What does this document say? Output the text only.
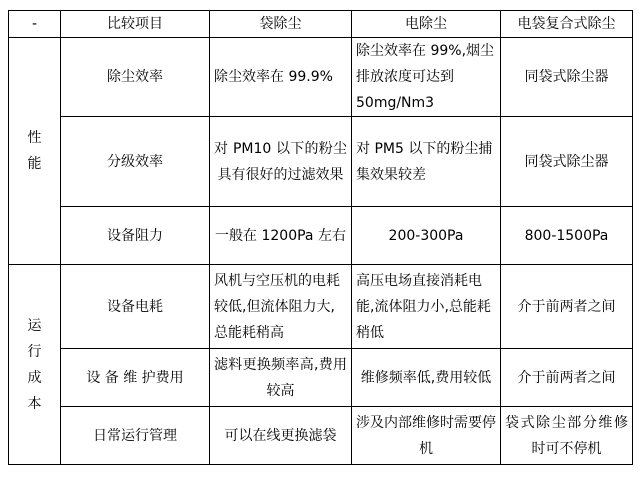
-	比较项目	袋除尘	电除尘	电袋复合式除尘
性能	除尘效率	除尘效率在 99.9%	除尘效率在 99%,烟尘排放浓度可达到 50mg/Nm3	同袋式除尘器
	分级效率	对 PM10 以下的粉尘具有很好的过滤效果	对 PM5 以下的粉尘捕集效果较差	同袋式除尘器
	设备阻力	一般在 1200Pa 左右	200-300Pa	800-1500Pa
运行成本	设备电耗	风机与空压机的电耗较低,但流体阻力大,总能耗稍高	高压电场直接消耗电能,流体阻力小,总能耗稍低	介于前两者之间
	设 备 维 护费用	滤料更换频率高,费用较高	维修频率低,费用较低	介于前两者之间
	日常运行管理	可以在线更换滤袋	涉及内部维修时需要停机	袋式除尘部分维修时可不停机
